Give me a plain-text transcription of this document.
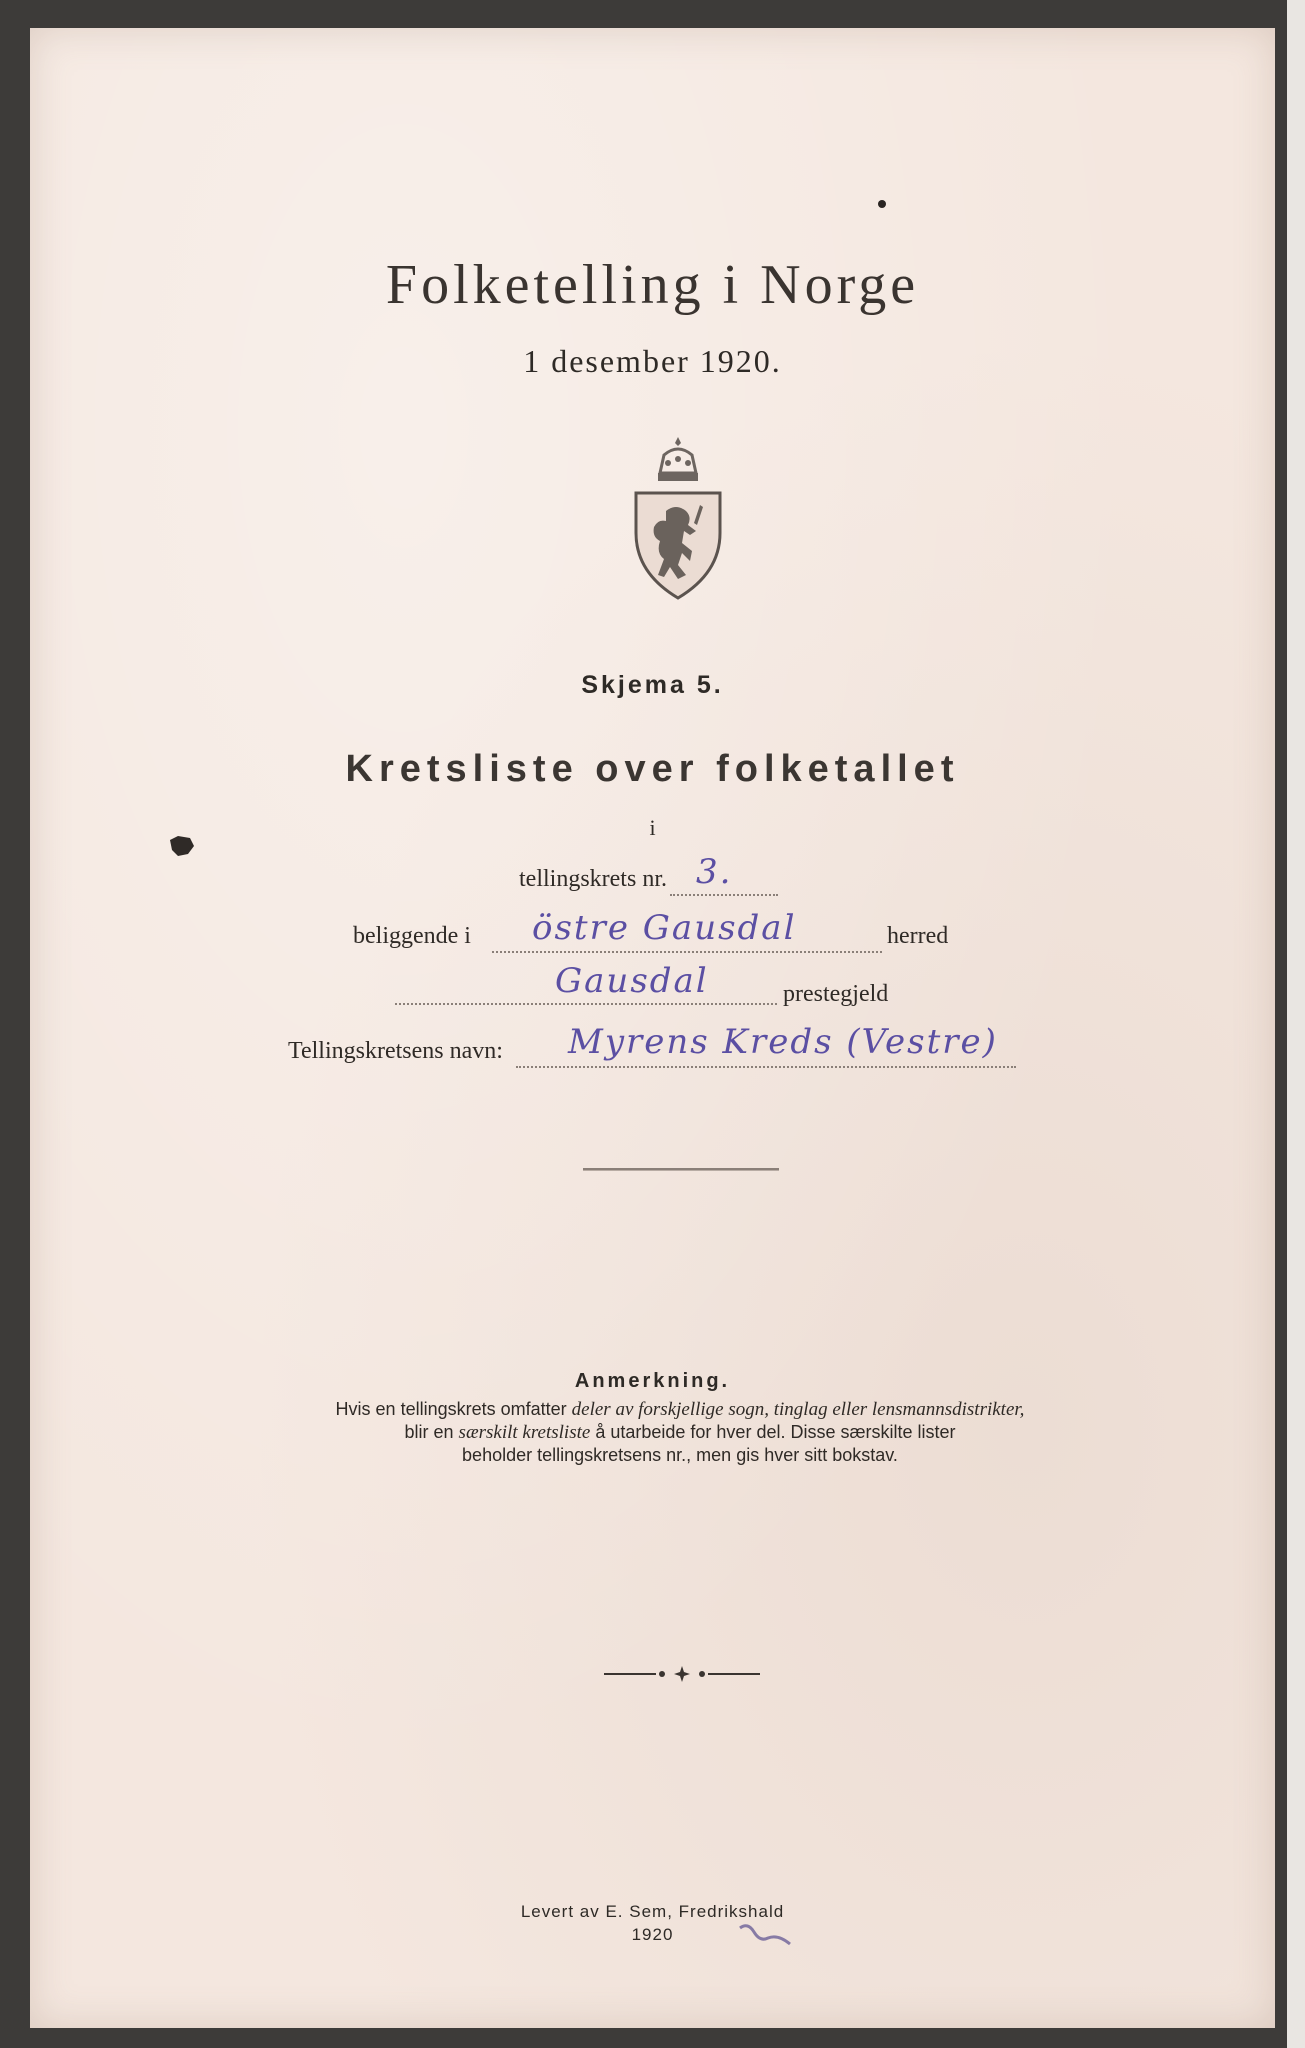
Folketelling i Norge
1 desember 1920.
Skjema 5.
Kretsliste over folketallet
i
tellingskrets nr. 3.
beliggende i östre Gausdal	herred
Gausdal	prestegjeld
Tellingskretsens navn: Myrens Kreds (Vestre)
Anmerkning.
Hvis en tellingskrets omfatter deler av forskjellige sogn, tinglag eller lensmannsdistrikter,
blir en særskilt kretsliste å utarbeide for hver del. Disse særskilte lister
beholder tellingskretsens nr., men gis hver sitt bokstav.
Levert av E. Sem, Fredrikshald
1920
